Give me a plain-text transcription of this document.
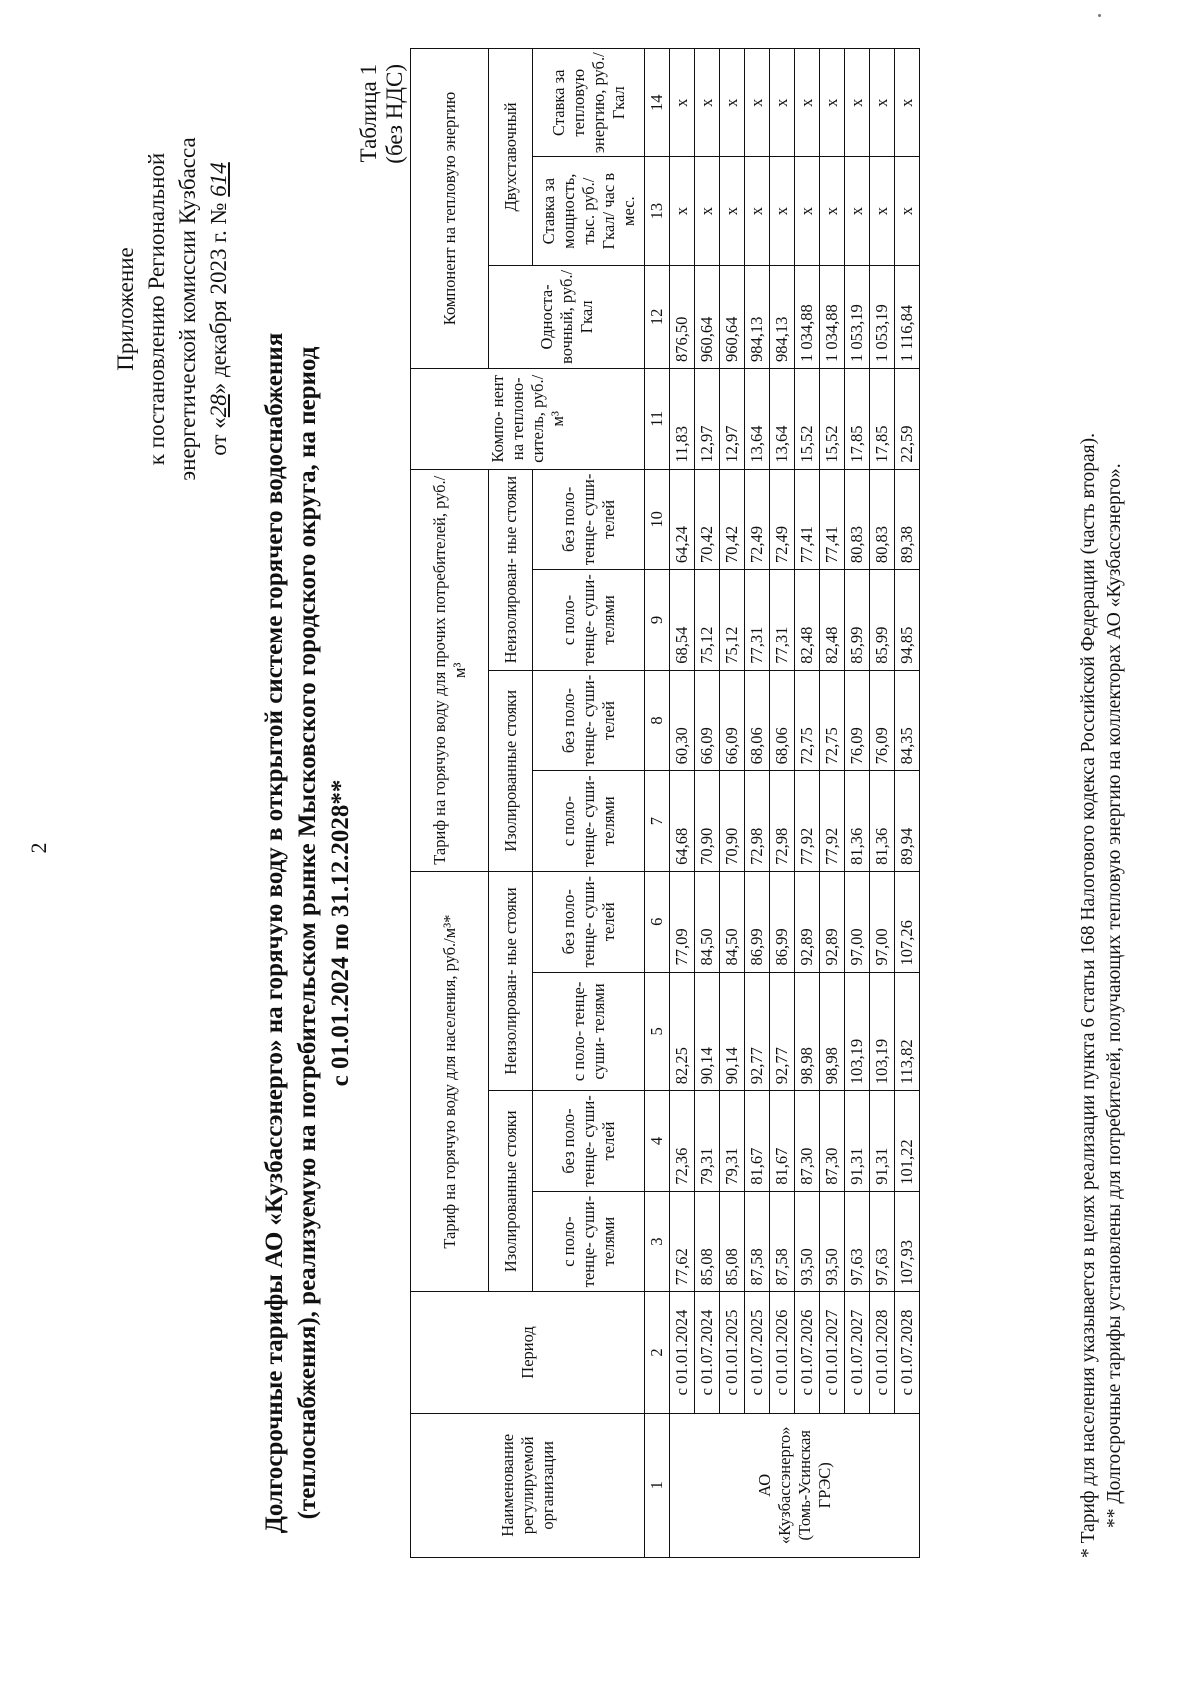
2
Приложение к постановлению Региональной энергетической комиссии Кузбасса от «28» декабря 2023 г. № 614
Долгосрочные тарифы АО «Кузбассэнерго» на горячую воду в открытой системе горячего водоснабжения (теплоснабжения), реализуемую на потребительском рынке Мысковского городского округа, на период с 01.01.2024 по 31.12.2028**
Таблица 1 (без НДС)
Наименование регулируемой организации	Период	Тариф на горячую воду для населения, руб./м³*				Тариф на горячую воду для прочих потребителей, руб./м³				Компо- нент на теплоно- ситель, руб./м³	Компонент на тепловую энергию		
		Изолированные стояки		Неизолирован- ные стояки		Изолированные стояки		Неизолирован- ные стояки			Односта- вочный, руб./Гкал	Двухставочный	
		с поло- тенце- суши- телями	без поло- тенце- суши- телей	с поло- тенце- суши- телями	без поло- тенце- суши- телей	с поло- тенце- суши- телями	без поло- тенце- суши- телей	с поло- тенце- суши- телями	без поло- тенце- суши- телей			Ставка за мощность, тыс. руб./ Гкал/ час в мес.	Ставка за тепловую энергию, руб./Гкал
1	2	3	4	5	6	7	8	9	10	11	12	13	14
АО «Кузбассэнерго» (Томь-Усинская ГРЭС)	с 01.01.2024	77,62	72,36	82,25	77,09	64,68	60,30	68,54	64,24	11,83	876,50	х	х
	с 01.07.2024	85,08	79,31	90,14	84,50	70,90	66,09	75,12	70,42	12,97	960,64	х	х
	с 01.01.2025	85,08	79,31	90,14	84,50	70,90	66,09	75,12	70,42	12,97	960,64	х	х
	с 01.07.2025	87,58	81,67	92,77	86,99	72,98	68,06	77,31	72,49	13,64	984,13	х	х
	с 01.01.2026	87,58	81,67	92,77	86,99	72,98	68,06	77,31	72,49	13,64	984,13	х	х
	с 01.07.2026	93,50	87,30	98,98	92,89	77,92	72,75	82,48	77,41	15,52	1 034,88	х	х
	с 01.01.2027	93,50	87,30	98,98	92,89	77,92	72,75	82,48	77,41	15,52	1 034,88	х	х
	с 01.07.2027	97,63	91,31	103,19	97,00	81,36	76,09	85,99	80,83	17,85	1 053,19	х	х
	с 01.01.2028	97,63	91,31	103,19	97,00	81,36	76,09	85,99	80,83	17,85	1 053,19	х	х
	с 01.07.2028	107,93	101,22	113,82	107,26	89,94	84,35	94,85	89,38	22,59	1 116,84	х	х

* Тариф для населения указывается в целях реализации пункта 6 статьи 168 Налогового кодекса Российской Федерации (часть вторая). ** Долгосрочные тарифы установлены для потребителей, получающих тепловую энергию на коллекторах АО «Кузбассэнерго».
